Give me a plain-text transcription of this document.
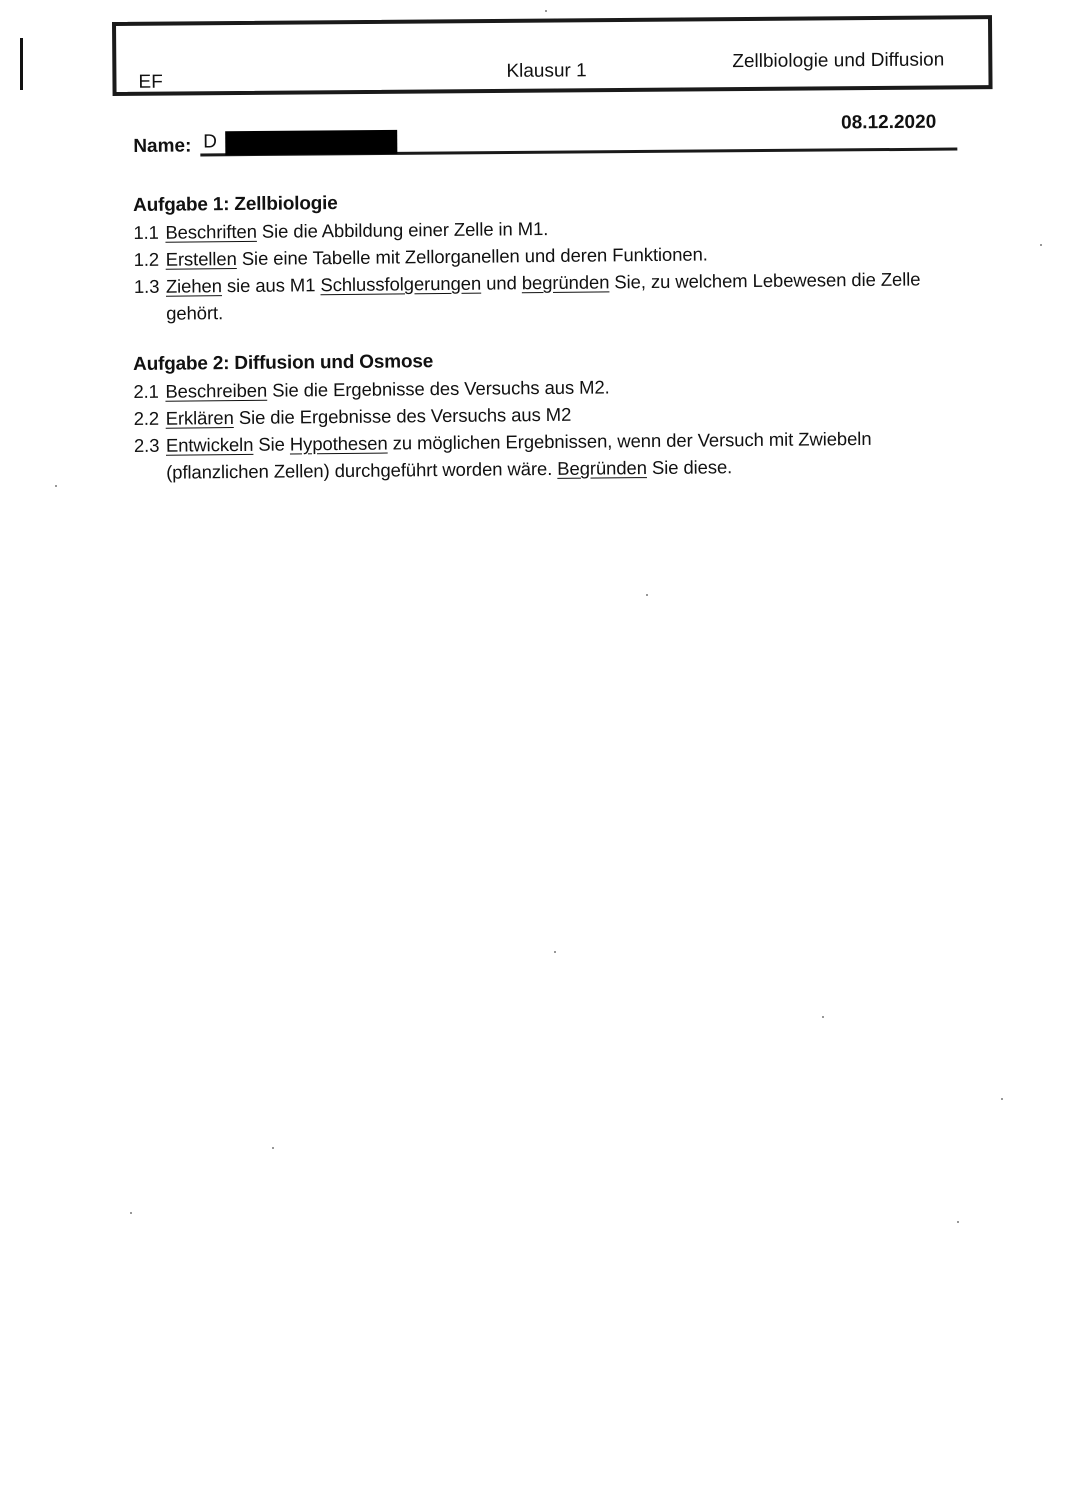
EF
Klausur 1	Zellbiologie und Diffusion
Name: D
08.12.2020
Aufgabe 1: Zellbiologie
1.1 Beschriften Sie die Abbildung einer Zelle in M1.
1.2 Erstellen Sie eine Tabelle mit Zellorganellen und deren Funktionen.
1.3 Ziehen sie aus M1 Schlussfolgerungen und begründen Sie, zu welchem Lebewesen die Zelle gehört.
Aufgabe 2: Diffusion und Osmose
2.1 Beschreiben Sie die Ergebnisse des Versuchs aus M2.
2.2 Erklären Sie die Ergebnisse des Versuchs aus M2
2.3 Entwickeln Sie Hypothesen zu möglichen Ergebnissen, wenn der Versuch mit Zwiebeln (pflanzlichen Zellen) durchgeführt worden wäre. Begründen Sie diese.
